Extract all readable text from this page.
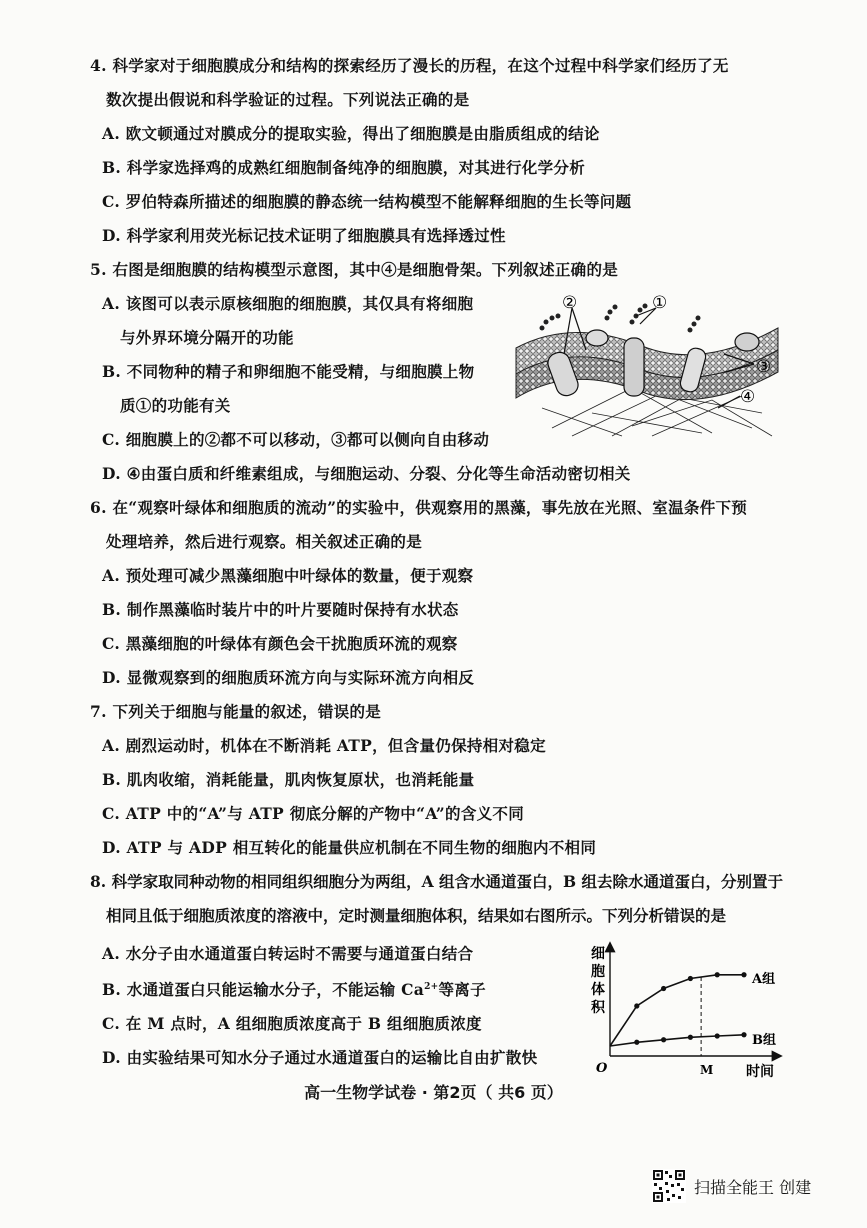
4. 科学家对于细胞膜成分和结构的探索经历了漫长的历程，在这个过程中科学家们经历了无
数次提出假说和科学验证的过程。下列说法正确的是
A. 欧文顿通过对膜成分的提取实验，得出了细胞膜是由脂质组成的结论
B. 科学家选择鸡的成熟红细胞制备纯净的细胞膜，对其进行化学分析
C. 罗伯特森所描述的细胞膜的静态统一结构模型不能解释细胞的生长等问题
D. 科学家利用荧光标记技术证明了细胞膜具有选择透过性
5. 右图是细胞膜的结构模型示意图，其中④是细胞骨架。下列叙述正确的是
A. 该图可以表示原核细胞的细胞膜，其仅具有将细胞
与外界环境分隔开的功能
B. 不同物种的精子和卵细胞不能受精，与细胞膜上物
质①的功能有关
C. 细胞膜上的②都不可以移动，③都可以侧向自由移动
D. ④由蛋白质和纤维素组成，与细胞运动、分裂、分化等生命活动密切相关
②	①
③
④
6. 在“观察叶绿体和细胞质的流动”的实验中，供观察用的黑藻，事先放在光照、室温条件下预
处理培养，然后进行观察。相关叙述正确的是
A. 预处理可减少黑藻细胞中叶绿体的数量，便于观察
B. 制作黑藻临时装片中的叶片要随时保持有水状态
C. 黑藻细胞的叶绿体有颜色会干扰胞质环流的观察
D. 显微观察到的细胞质环流方向与实际环流方向相反
7. 下列关于细胞与能量的叙述，错误的是
A. 剧烈运动时，机体在不断消耗 ATP，但含量仍保持相对稳定
B. 肌肉收缩，消耗能量，肌肉恢复原状，也消耗能量
C. ATP 中的“A”与 ATP 彻底分解的产物中“A”的含义不同
D. ATP 与 ADP 相互转化的能量供应机制在不同生物的细胞内不相同
8. 科学家取同种动物的相同组织细胞分为两组，A 组含水通道蛋白，B 组去除水通道蛋白，分别置于
相同且低于细胞质浓度的溶液中，定时测量细胞体积，结果如右图所示。下列分析错误的是
A. 水分子由水通道蛋白转运时不需要与通道蛋白结合
B. 水通道蛋白只能运输水分子，不能运输 $Ca^{2+}$等离子
C. 在 M 点时，A 组细胞质浓度高于 B 组细胞质浓度
D. 由实验结果可知水分子通过水通道蛋白的运输比自由扩散快
细
胞
体
积
O	M 时间
A组
B组
高一生物学试卷 · 第2页（ 共6 页）
扫描全能王 创建
